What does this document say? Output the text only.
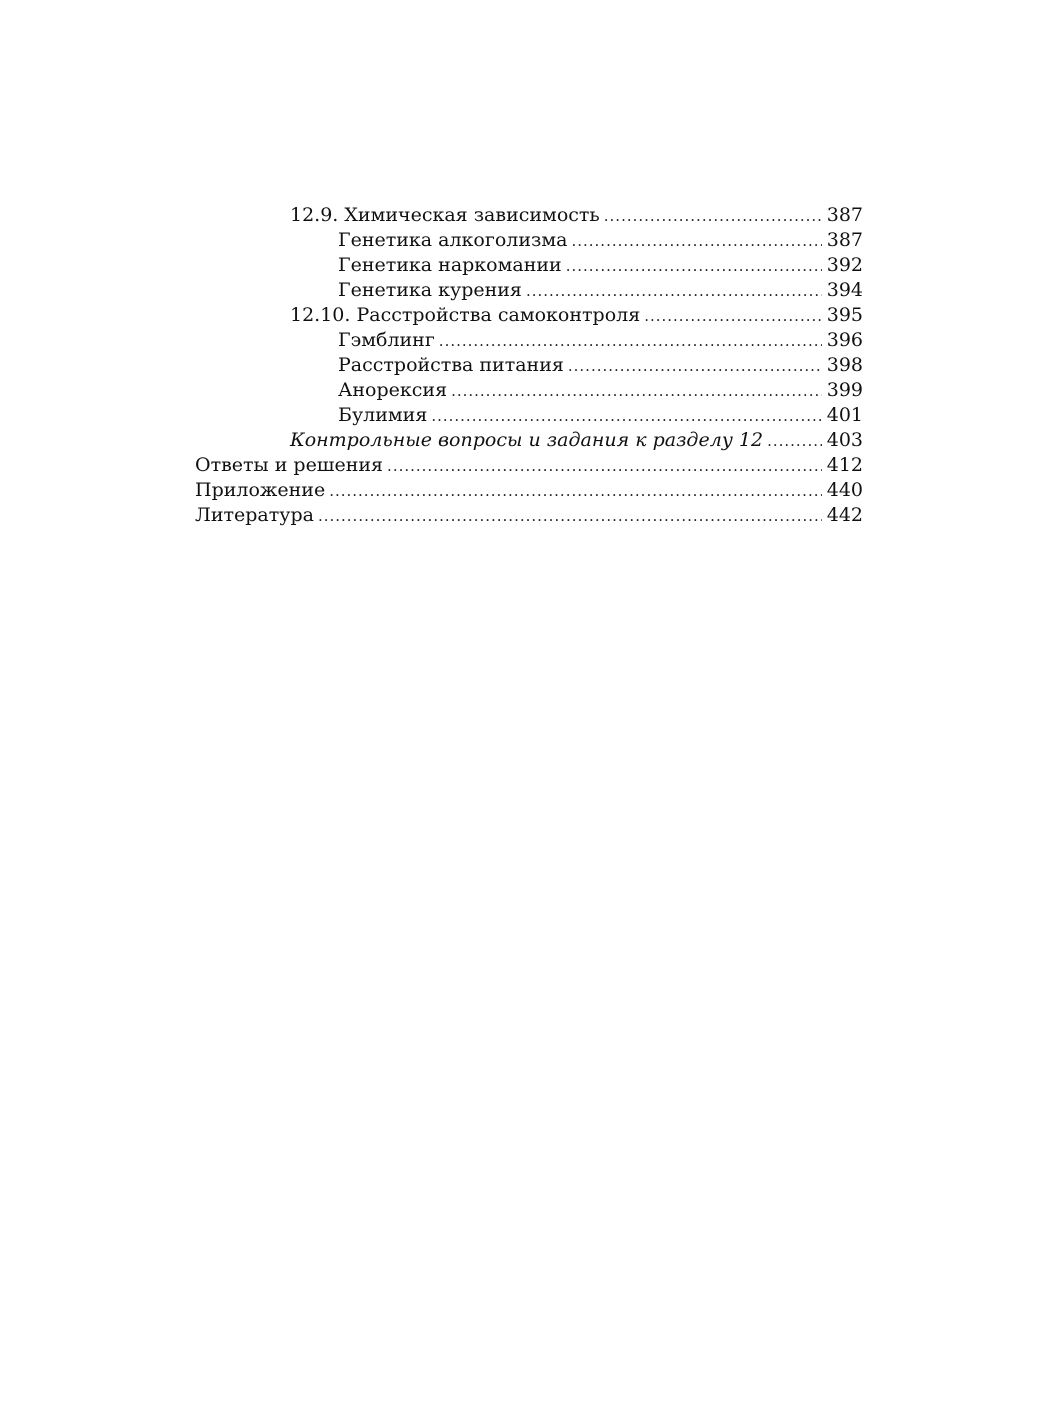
12.9. Химическая зависимость .....	387
Генетика алкоголизма .....	387
Генетика наркомании .....	392
Генетика курения .....	394
12.10. Расстройства самоконтроля .....	395
Гэмблинг .....	396
Расстройства питания .....	398
Анорексия .....	399
Булимия .....	401
Контрольные вопросы и задания к разделу 12 .....	403
Ответы и решения .....	412
Приложение .....	440
Литература .....	442
